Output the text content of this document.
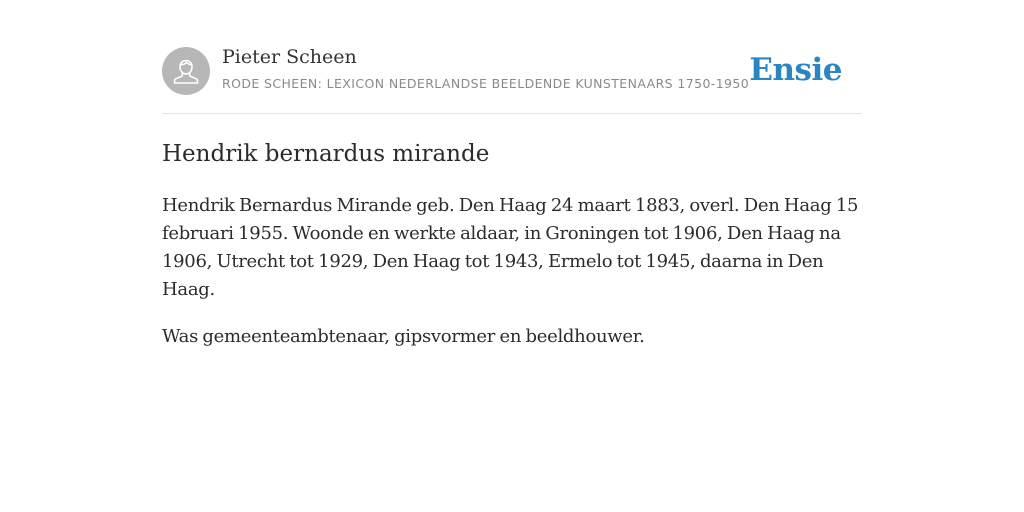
Pieter Scheen
RODE SCHEEN: LEXICON NEDERLANDSE BEELDENDE KUNSTENAARS 1750-1950 Ensie
Hendrik bernardus mirande

Hendrik Bernardus Mirande geb. Den Haag 24 maart 1883, overl. Den Haag 15 februari 1955. Woonde en werkte aldaar, in Groningen tot 1906, Den Haag na 1906, Utrecht tot 1929, Den Haag tot 1943, Ermelo tot 1945, daarna in Den Haag.

Was gemeenteambtenaar, gipsvormer en beeldhouwer.
